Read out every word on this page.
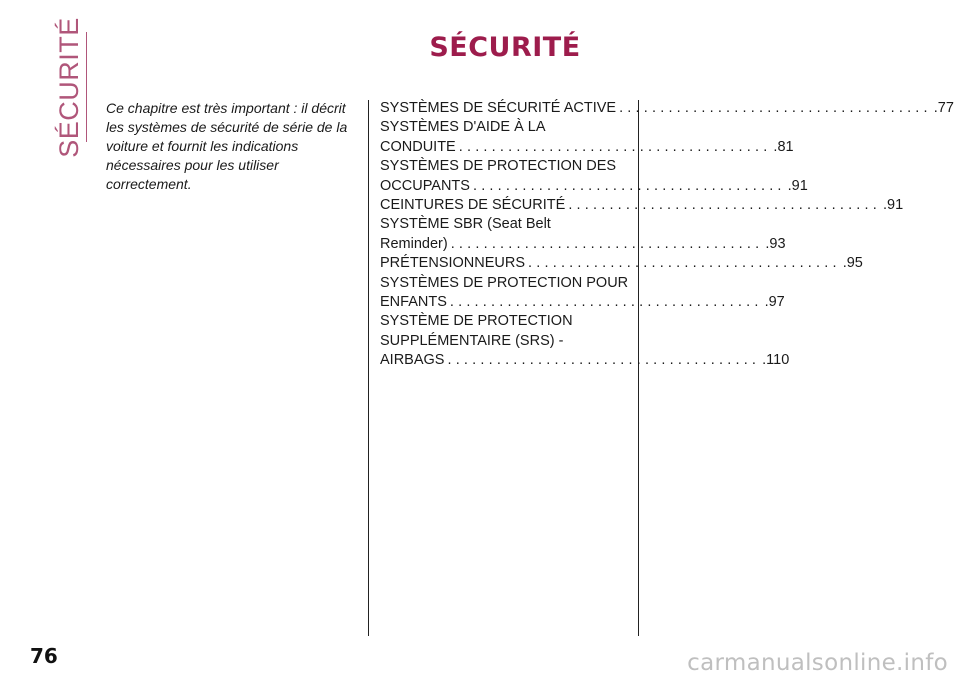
SÉCURITÉ	SÉCURITÉ
Ce chapitre est très important : il décrit
les systèmes de sécurité de série de la
voiture et fournit les indications
nécessaires pour les utiliser
correctement.
SYSTÈMES DE SÉCURITÉ ACTIVE ...................................... .77
SYSTÈMES D'AIDE À LA
CONDUITE ...................................... .81
SYSTÈMES DE PROTECTION DES
OCCUPANTS ...................................... .91
CEINTURES DE SÉCURITÉ ...................................... .91
SYSTÈME SBR (Seat Belt
Reminder) ...................................... .93
PRÉTENSIONNEURS ...................................... .95
SYSTÈMES DE PROTECTION POUR
ENFANTS ...................................... .97
SYSTÈME DE PROTECTION
SUPPLÉMENTAIRE (SRS) -
AIRBAGS ...................................... .110
76	carmanualsonline.info
